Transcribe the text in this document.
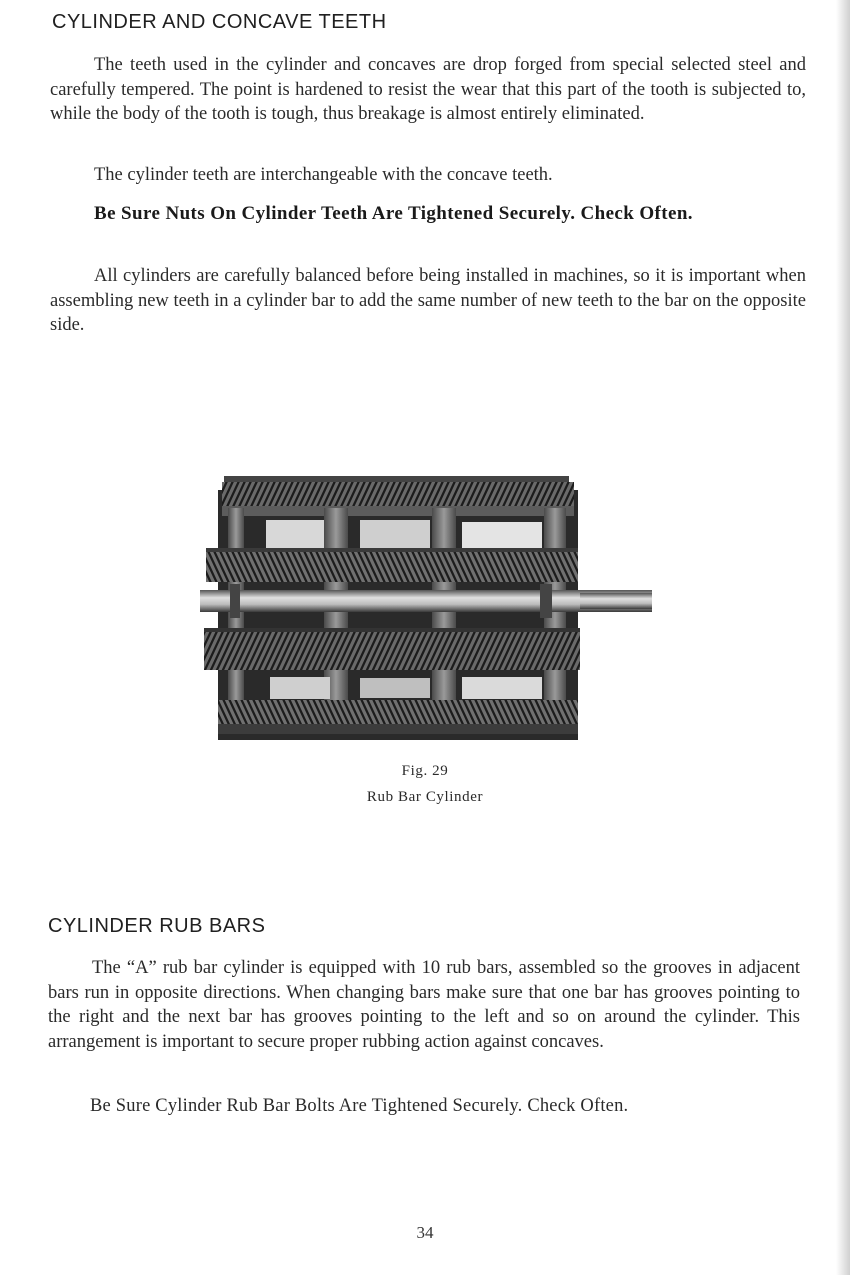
CYLINDER AND CONCAVE TEETH

The teeth used in the cylinder and concaves are drop forged from special selected steel and carefully tempered. The point is hardened to resist the wear that this part of the tooth is subjected to, while the body of the tooth is tough, thus breakage is almost entirely eliminated.

The cylinder teeth are interchangeable with the concave teeth.

Be Sure Nuts On Cylinder Teeth Are Tightened Securely. Check Often.

All cylinders are carefully balanced before being installed in machines, so it is important when assembling new teeth in a cylinder bar to add the same number of new teeth to the bar on the opposite side.

Fig. 29

Rub Bar Cylinder

CYLINDER RUB BARS

The “A” rub bar cylinder is equipped with 10 rub bars, assembled so the grooves in adjacent bars run in opposite directions. When changing bars make sure that one bar has grooves pointing to the right and the next bar has grooves pointing to the left and so on around the cylinder. This arrangement is important to secure proper rubbing action against concaves.

Be Sure Cylinder Rub Bar Bolts Are Tightened Securely. Check Often.

34
